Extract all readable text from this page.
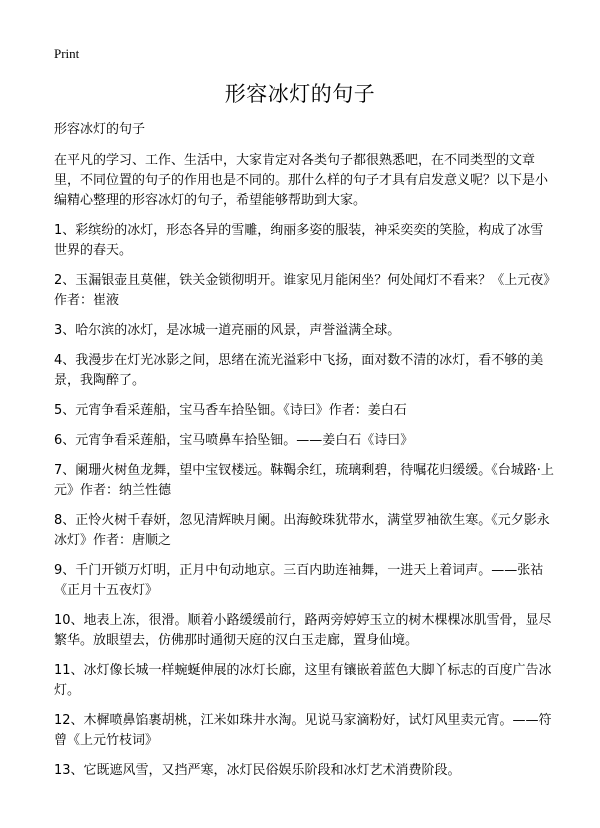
Print
形容冰灯的句子

形容冰灯的句子

在平凡的学习、工作、生活中，大家肯定对各类句子都很熟悉吧，在不同类型的文章里，不同位置的句子的作用也是不同的。那什么样的句子才具有启发意义呢？以下是小编精心整理的形容冰灯的句子，希望能够帮助到大家。

1、彩缤纷的冰灯，形态各异的雪雕，绚丽多姿的服装，神采奕奕的笑脸，构成了冰雪世界的春天。

2、玉漏银壶且莫催，铁关金锁彻明开。谁家见月能闲坐？何处闻灯不看来？《上元夜》作者：崔液

3、哈尔滨的冰灯，是冰城一道亮丽的风景，声誉溢满全球。

4、我漫步在灯光冰影之间，思绪在流光溢彩中飞扬，面对数不清的冰灯，看不够的美景，我陶醉了。

5、元宵争看采莲船，宝马香车拾坠钿。《诗曰》作者：姜白石

6、元宵争看采莲船，宝马喷鼻车拾坠钿。——姜白石《诗曰》

7、阑珊火树鱼龙舞，望中宝钗楼远。靺鞨余红，琉璃剩碧，待嘱花归缓缓。《台城路·上元》作者：纳兰性德

8、正怜火树千春妍，忽见清辉映月阑。出海鲛珠犹带水，满堂罗袖欲生寒。《元夕影永冰灯》作者：唐顺之

9、千门开锁万灯明，正月中旬动地京。三百内助连袖舞，一进天上着词声。——张祜《正月十五夜灯》

10、地表上冻，很滑。顺着小路缓缓前行，路两旁婷婷玉立的树木棵棵冰肌雪骨，显尽繁华。放眼望去，仿佛那时通彻天庭的汉白玉走廊，置身仙境。

11、冰灯像长城一样蜿蜒伸展的冰灯长廊，这里有镶嵌着蓝色大脚丫标志的百度广告冰灯。

12、木樨喷鼻馅裹胡桃，江米如珠井水淘。见说马家滴粉好，试灯风里卖元宵。——符曾《上元竹枝词》

13、它既遮风雪，又挡严寒，冰灯民俗娱乐阶段和冰灯艺术消费阶段。
